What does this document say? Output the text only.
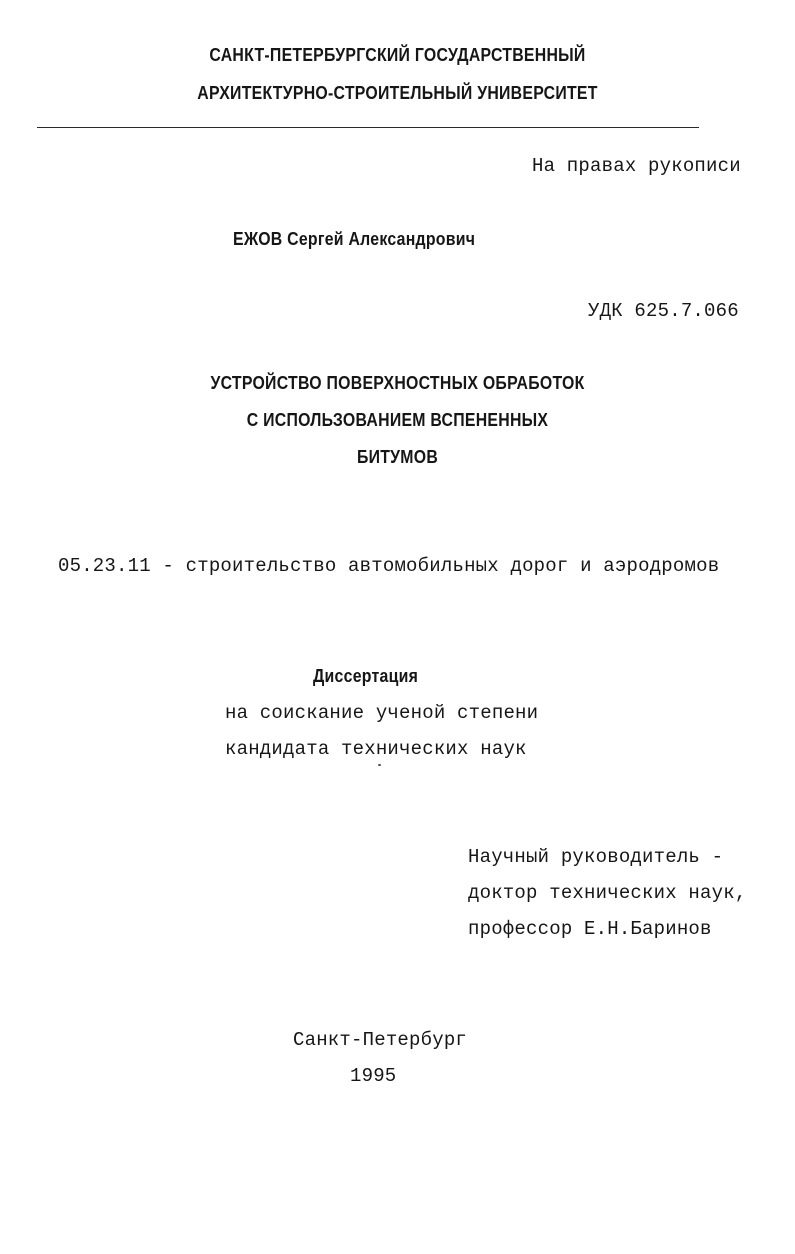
САНКТ-ПЕТЕРБУРГСКИЙ ГОСУДАРСТВЕННЫЙ
АРХИТЕКТУРНО-СТРОИТЕЛЬНЫЙ УНИВЕРСИТЕТ
На правах рукописи
ЕЖОВ Сергей Александрович
УДК 625.7.066
УСТРОЙСТВО ПОВЕРХНОСТНЫХ ОБРАБОТОК
С ИСПОЛЬЗОВАНИЕМ ВСПЕНЕННЫХ
БИТУМОВ
05.23.11 - строительство автомобильных дорог и аэродромов
Диссертация
на соискание ученой степени
кандидата технических наук
Научный руководитель -
доктор технических наук,
профессор Е.Н.Баринов
Санкт-Петербург
1995
